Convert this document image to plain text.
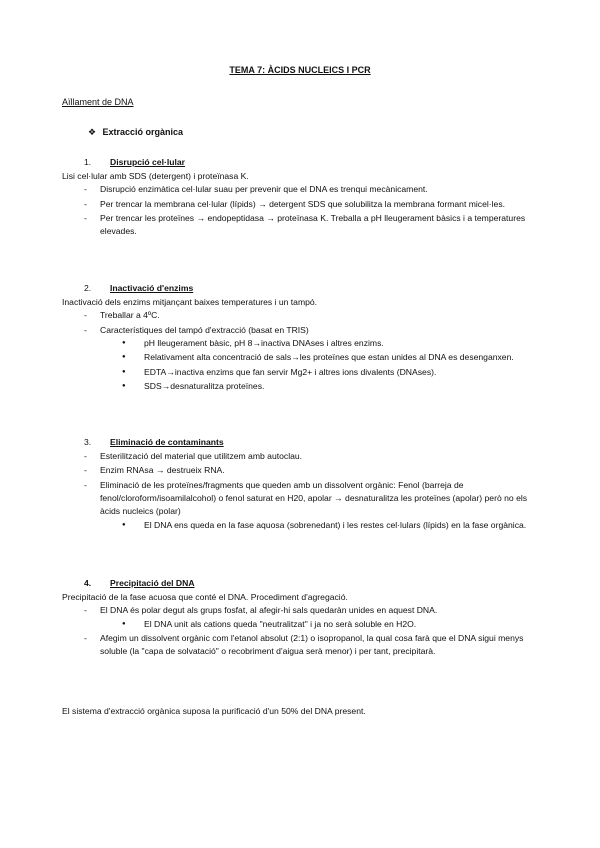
TEMA 7: ÀCIDS NUCLEICS I PCR
Aïllament de DNA
❖ Extracció orgànica
1. Disrupció cel·lular

Lisi cel·lular amb SDS (detergent) i proteïnasa K.

- Disrupció enzimàtica cel·lular suau per prevenir que el DNA es trenqui mecànicament.
- Per trencar la membrana cel·lular (lípids) → detergent SDS que solubilitza la membrana formant micel·les.
- Per trencar les proteïnes → endopeptidasa → proteïnasa K. Treballa a pH lleugerament bàsics i a temperatures elevades.
2. Inactivació d'enzims

Inactivació dels enzims mitjançant baixes temperatures i un tampó.

- Treballar a 4ºC.
- Característiques del tampó d'extracció (basat en TRIS)
● pH lleugerament bàsic, pH 8→inactiva DNAses i altres enzims.
● Relativament alta concentració de sals→les proteïnes que estan unides al DNA es desenganxen.
● EDTA→inactiva enzims que fan servir Mg2+ i altres ions divalents (DNAses).
● SDS→desnaturalitza proteïnes.
3. Eliminació de contaminants
- Esterilització del material que utilitzem amb autoclau.
- Enzim RNAsa → destrueix RNA.
- Eliminació de les proteïnes/fragments que queden amb un dissolvent orgànic: Fenol (barreja de fenol/cloroform/isoamilalcohol) o fenol saturat en H20, apolar → desnaturalitza les proteïnes (apolar) però no els àcids nucleics (polar)
● El DNA ens queda en la fase aquosa (sobrenedant) i les restes cel·lulars (lípids) en la fase orgànica.
4. Precipitació del DNA

Precipitació de la fase acuosa que conté el DNA. Procediment d'agregació.

- El DNA és polar degut als grups fosfat, al afegir-hi sals quedaràn unides en aquest DNA.
● El DNA unit als cations queda "neutralitzat" i ja no serà soluble en H2O.
- Afegim un dissolvent orgànic com l'etanol absolut (2:1) o isopropanol, la qual cosa farà que el DNA sigui menys soluble (la "capa de solvatació" o recobriment d'aigua serà menor) i per tant, precipitarà.
El sistema d'extracció orgànica suposa la purificació d'un 50% del DNA present.
